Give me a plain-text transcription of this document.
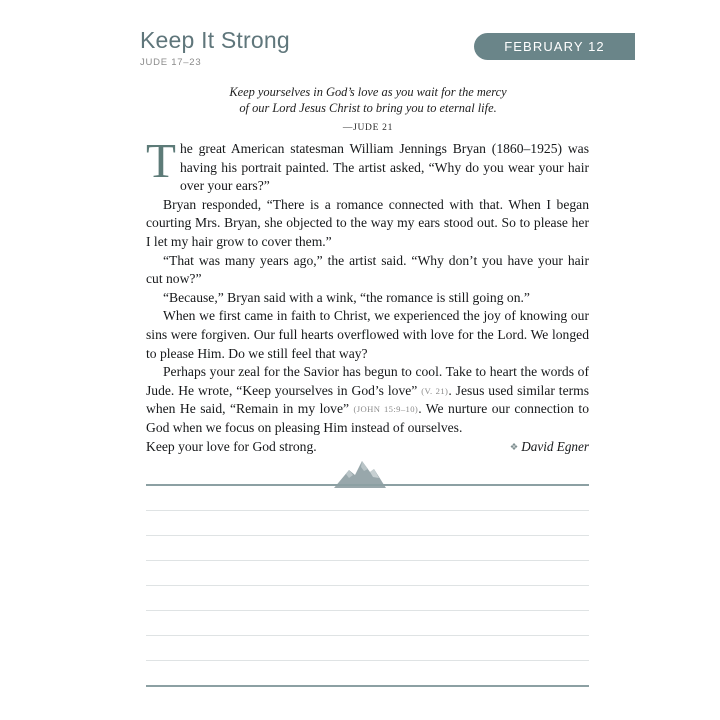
Keep It Strong
JUDE 17–23
FEBRUARY 12
Keep yourselves in God’s love as you wait for the mercy
of our Lord Jesus Christ to bring you to eternal life.
—JUDE 21

The great American statesman William Jennings Bryan (1860–1925) was having his portrait painted. The artist asked, “Why do you wear your hair over your ears?”

Bryan responded, “There is a romance connected with that. When I began courting Mrs. Bryan, she objected to the way my ears stood out. So to please her I let my hair grow to cover them.”

“That was many years ago,” the artist said. “Why don’t you have your hair cut now?”

“Because,” Bryan said with a wink, “the romance is still going on.”

When we first came in faith to Christ, we experienced the joy of knowing our sins were forgiven. Our full hearts overflowed with love for the Lord. We longed to please Him. Do we still feel that way?

Perhaps your zeal for the Savior has begun to cool. Take to heart the words of Jude. He wrote, “Keep yourselves in God’s love” (V. 21). Jesus used similar terms when He said, “Remain in my love” (JOHN 15:9–10). We nurture our connection to God when we focus on pleasing Him instead of ourselves.

Keep your love for God strong.	❖ David Egner
